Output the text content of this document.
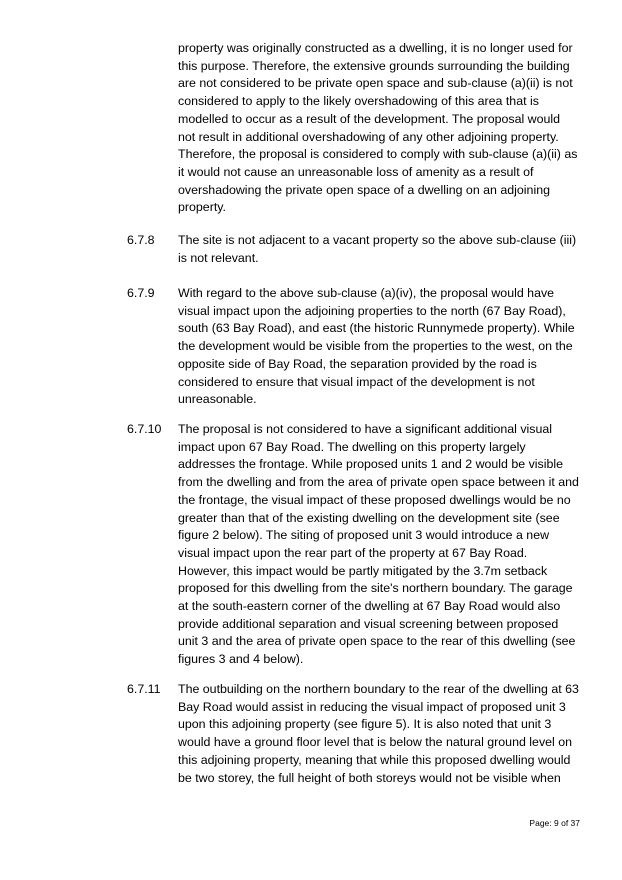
property was originally constructed as a dwelling, it is no longer used for this purpose. Therefore, the extensive grounds surrounding the building are not considered to be private open space and sub-clause (a)(ii) is not considered to apply to the likely overshadowing of this area that is modelled to occur as a result of the development. The proposal would not result in additional overshadowing of any other adjoining property. Therefore, the proposal is considered to comply with sub-clause (a)(ii) as it would not cause an unreasonable loss of amenity as a result of overshadowing the private open space of a dwelling on an adjoining property.

6.7.8 The site is not adjacent to a vacant property so the above sub-clause (iii) is not relevant.

6.7.9 With regard to the above sub-clause (a)(iv), the proposal would have visual impact upon the adjoining properties to the north (67 Bay Road), south (63 Bay Road), and east (the historic Runnymede property). While the development would be visible from the properties to the west, on the opposite side of Bay Road, the separation provided by the road is considered to ensure that visual impact of the development is not unreasonable.

6.7.10 The proposal is not considered to have a significant additional visual impact upon 67 Bay Road. The dwelling on this property largely addresses the frontage. While proposed units 1 and 2 would be visible from the dwelling and from the area of private open space between it and the frontage, the visual impact of these proposed dwellings would be no greater than that of the existing dwelling on the development site (see figure 2 below). The siting of proposed unit 3 would introduce a new visual impact upon the rear part of the property at 67 Bay Road. However, this impact would be partly mitigated by the 3.7m setback proposed for this dwelling from the site's northern boundary. The garage at the south-eastern corner of the dwelling at 67 Bay Road would also provide additional separation and visual screening between proposed unit 3 and the area of private open space to the rear of this dwelling (see figures 3 and 4 below).

6.7.11 The outbuilding on the northern boundary to the rear of the dwelling at 63 Bay Road would assist in reducing the visual impact of proposed unit 3 upon this adjoining property (see figure 5). It is also noted that unit 3 would have a ground floor level that is below the natural ground level on this adjoining property, meaning that while this proposed dwelling would be two storey, the full height of both storeys would not be visible when

Page: 9 of 37
